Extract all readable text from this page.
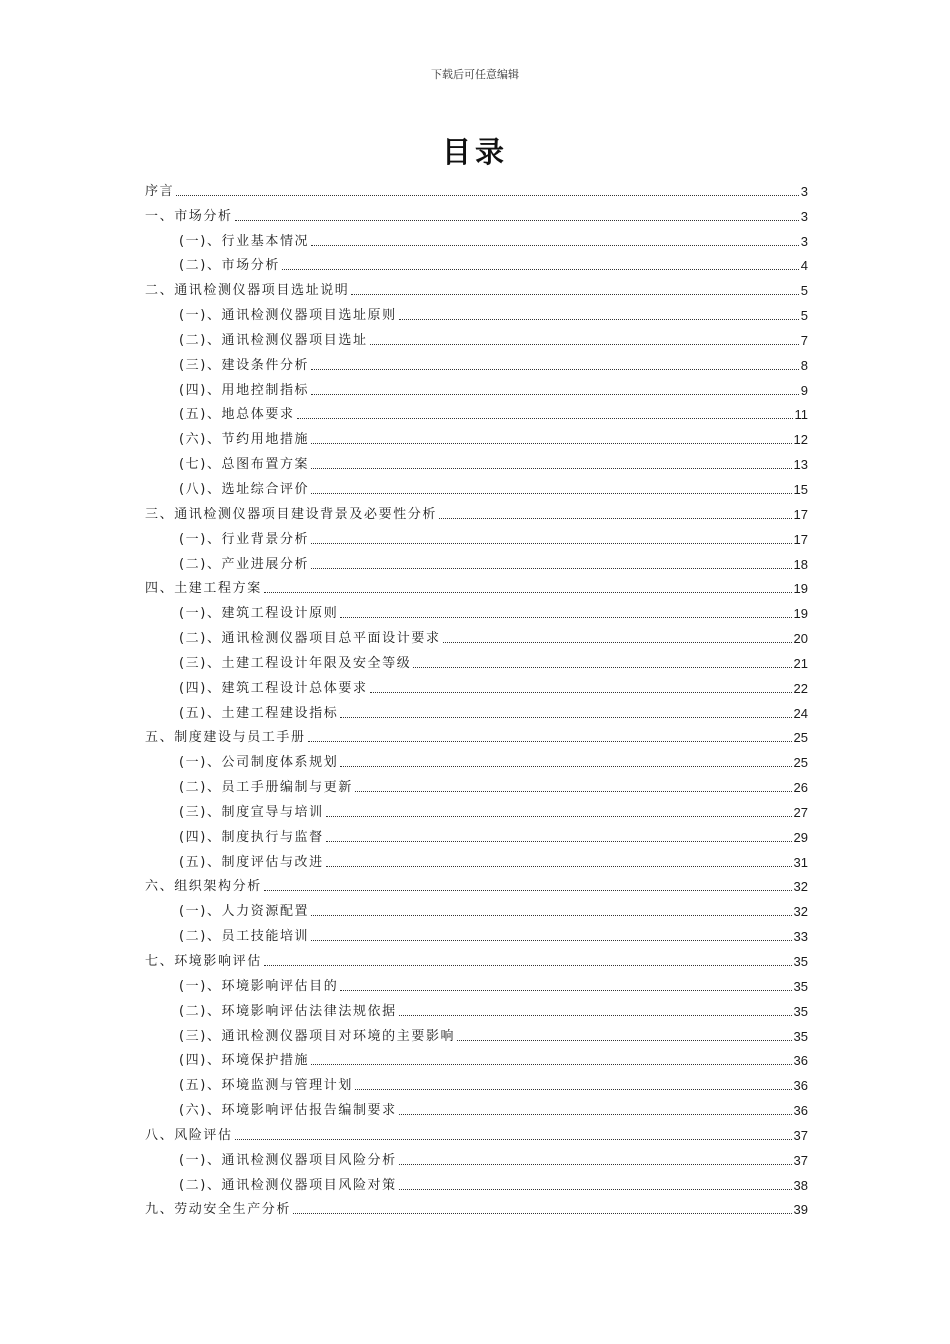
下载后可任意编辑
目录
序言	3
一、市场分析	3
(一)、行业基本情况	3
(二)、市场分析	4
二、通讯检测仪器项目选址说明	5
(一)、通讯检测仪器项目选址原则	5
(二)、通讯检测仪器项目选址	7
(三)、建设条件分析	8
(四)、用地控制指标	9
(五)、地总体要求	11
(六)、节约用地措施	12
(七)、总图布置方案	13
(八)、选址综合评价	15
三、通讯检测仪器项目建设背景及必要性分析	17
(一)、行业背景分析	17
(二)、产业进展分析	18
四、土建工程方案	19
(一)、建筑工程设计原则	19
(二)、通讯检测仪器项目总平面设计要求	20
(三)、土建工程设计年限及安全等级	21
(四)、建筑工程设计总体要求	22
(五)、土建工程建设指标	24
五、制度建设与员工手册	25
(一)、公司制度体系规划	25
(二)、员工手册编制与更新	26
(三)、制度宣导与培训	27
(四)、制度执行与监督	29
(五)、制度评估与改进	31
六、组织架构分析	32
(一)、人力资源配置	32
(二)、员工技能培训	33
七、环境影响评估	35
(一)、环境影响评估目的	35
(二)、环境影响评估法律法规依据	35
(三)、通讯检测仪器项目对环境的主要影响	35
(四)、环境保护措施	36
(五)、环境监测与管理计划	36
(六)、环境影响评估报告编制要求	36
八、风险评估	37
(一)、通讯检测仪器项目风险分析	37
(二)、通讯检测仪器项目风险对策	38
九、劳动安全生产分析	39
